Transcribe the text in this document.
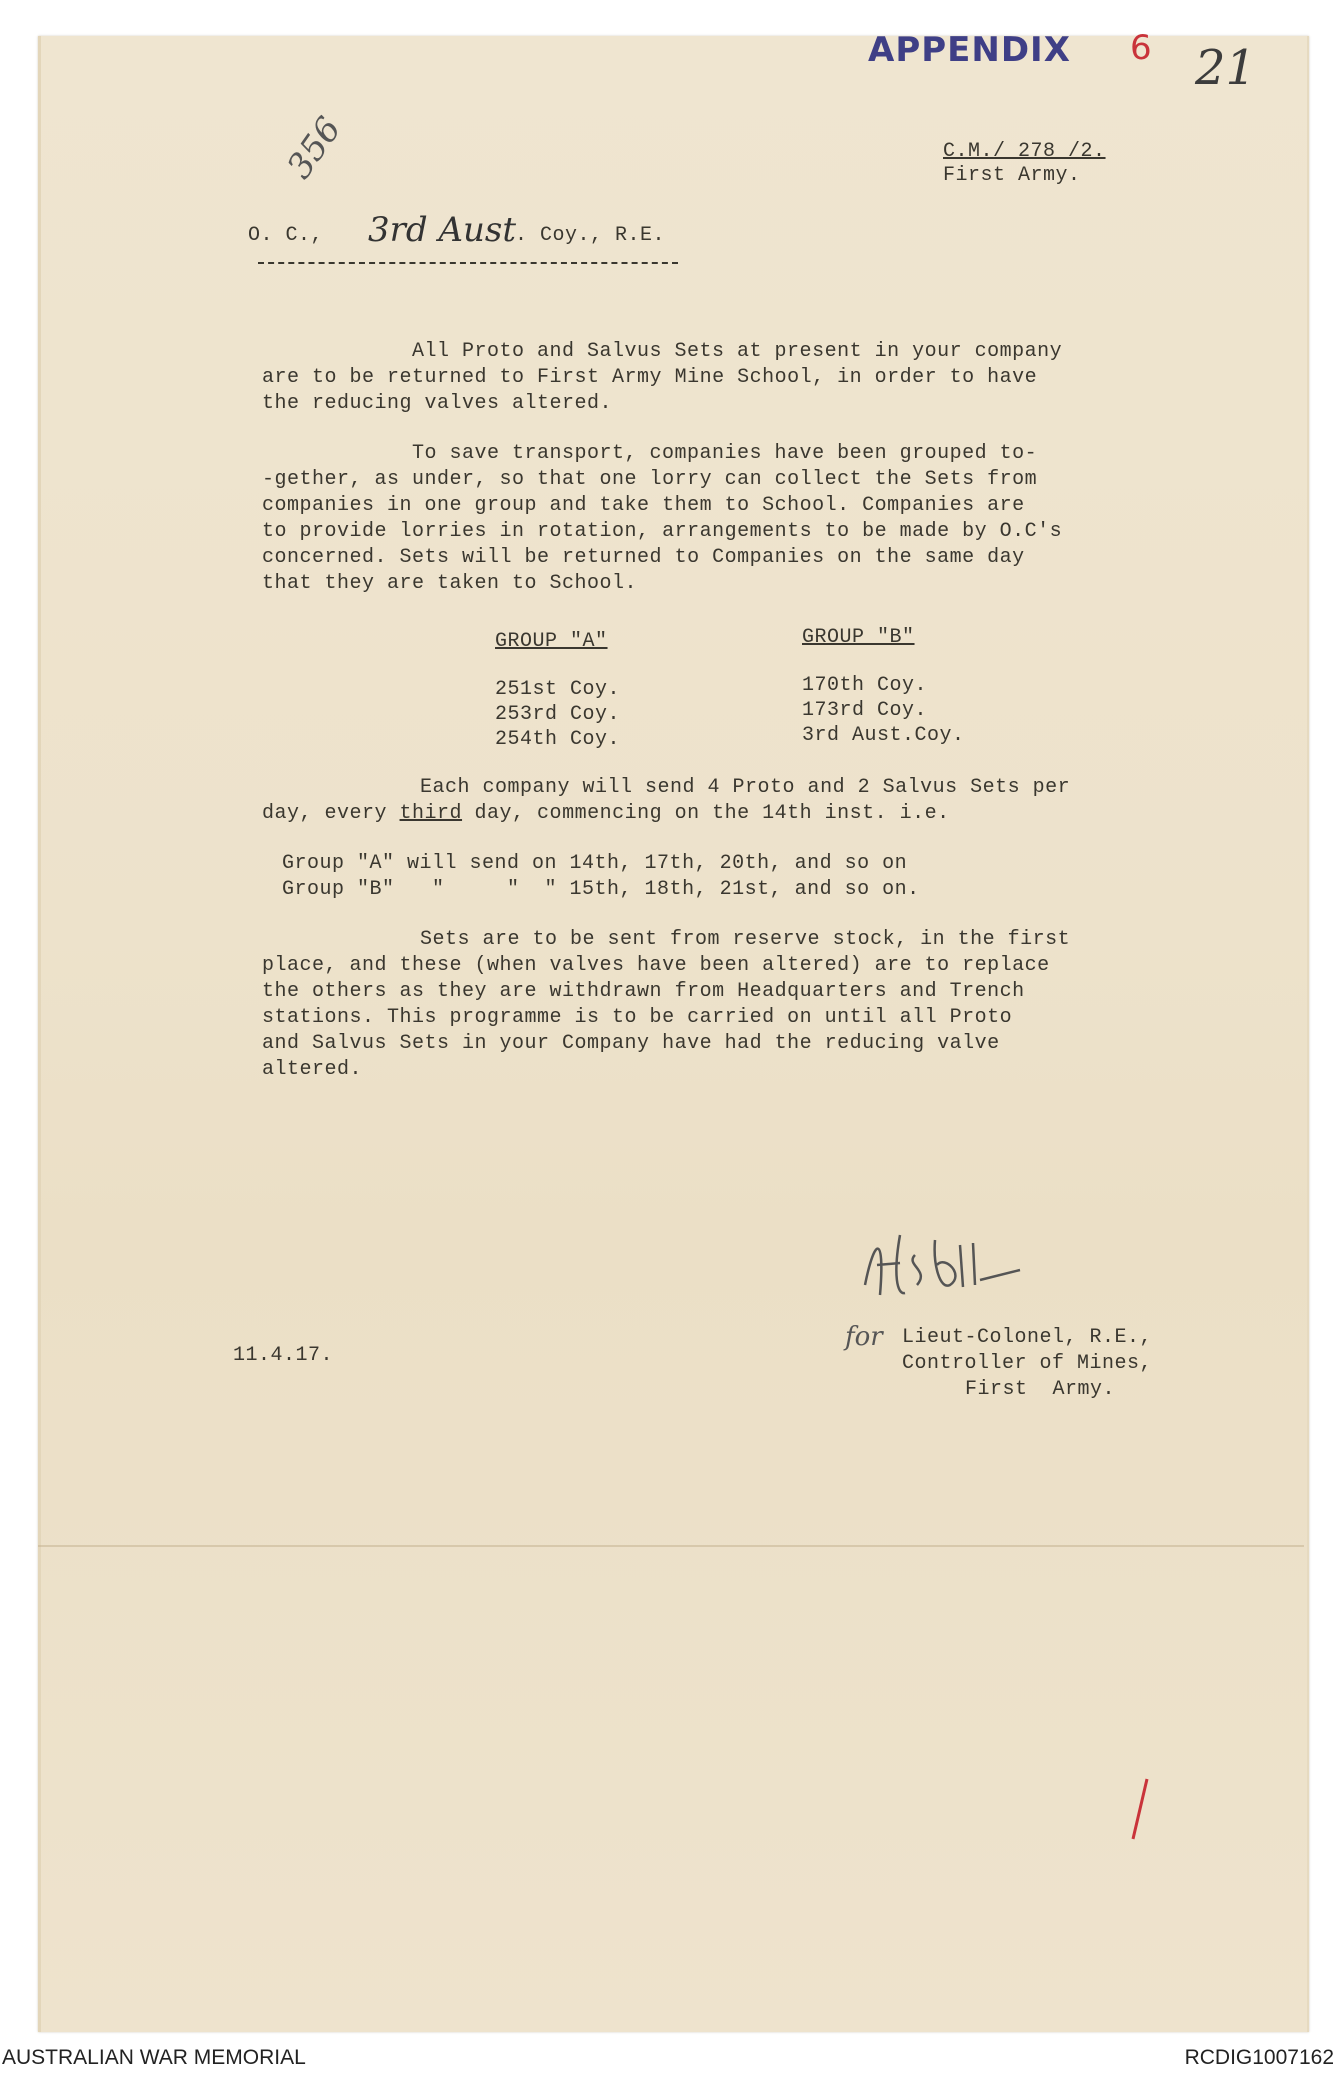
APPENDIX 6 21
356	C.M./ 278 /2.
First Army.
O. C., 3rd Aust
. Coy., R.E.
All Proto and Salvus Sets at present in your company
are to be returned to First Army Mine School, in order to have
the reducing valves altered.
To save transport, companies have been grouped to-
-gether, as under, so that one lorry can collect the Sets from
companies in one group and take them to School. Companies are
to provide lorries in rotation, arrangements to be made by O.C's
concerned. Sets will be returned to Companies on the same day
that they are taken to School.
GROUP "A"
251st Coy.
253rd Coy.
254th Coy.
GROUP "B"
170th Coy.
173rd Coy.
3rd Aust.Coy.
Each company will send 4 Proto and 2 Salvus Sets per
day, every third day, commencing on the 14th inst. i.e.
Group "A" will send on 14th, 17th, 20th, and so on
Group "B"   "     "  " 15th, 18th, 21st, and so on.
Sets are to be sent from reserve stock, in the first
place, and these (when valves have been altered) are to replace
the others as they are withdrawn from Headquarters and Trench
stations. This programme is to be carried on until all Proto
and Salvus Sets in your Company have had the reducing valve
altered.
for Lieut-Colonel, R.E.,
Controller of Mines,
First  Army.
11.4.17.
AUSTRALIAN WAR MEMORIAL	RCDIG1007162
